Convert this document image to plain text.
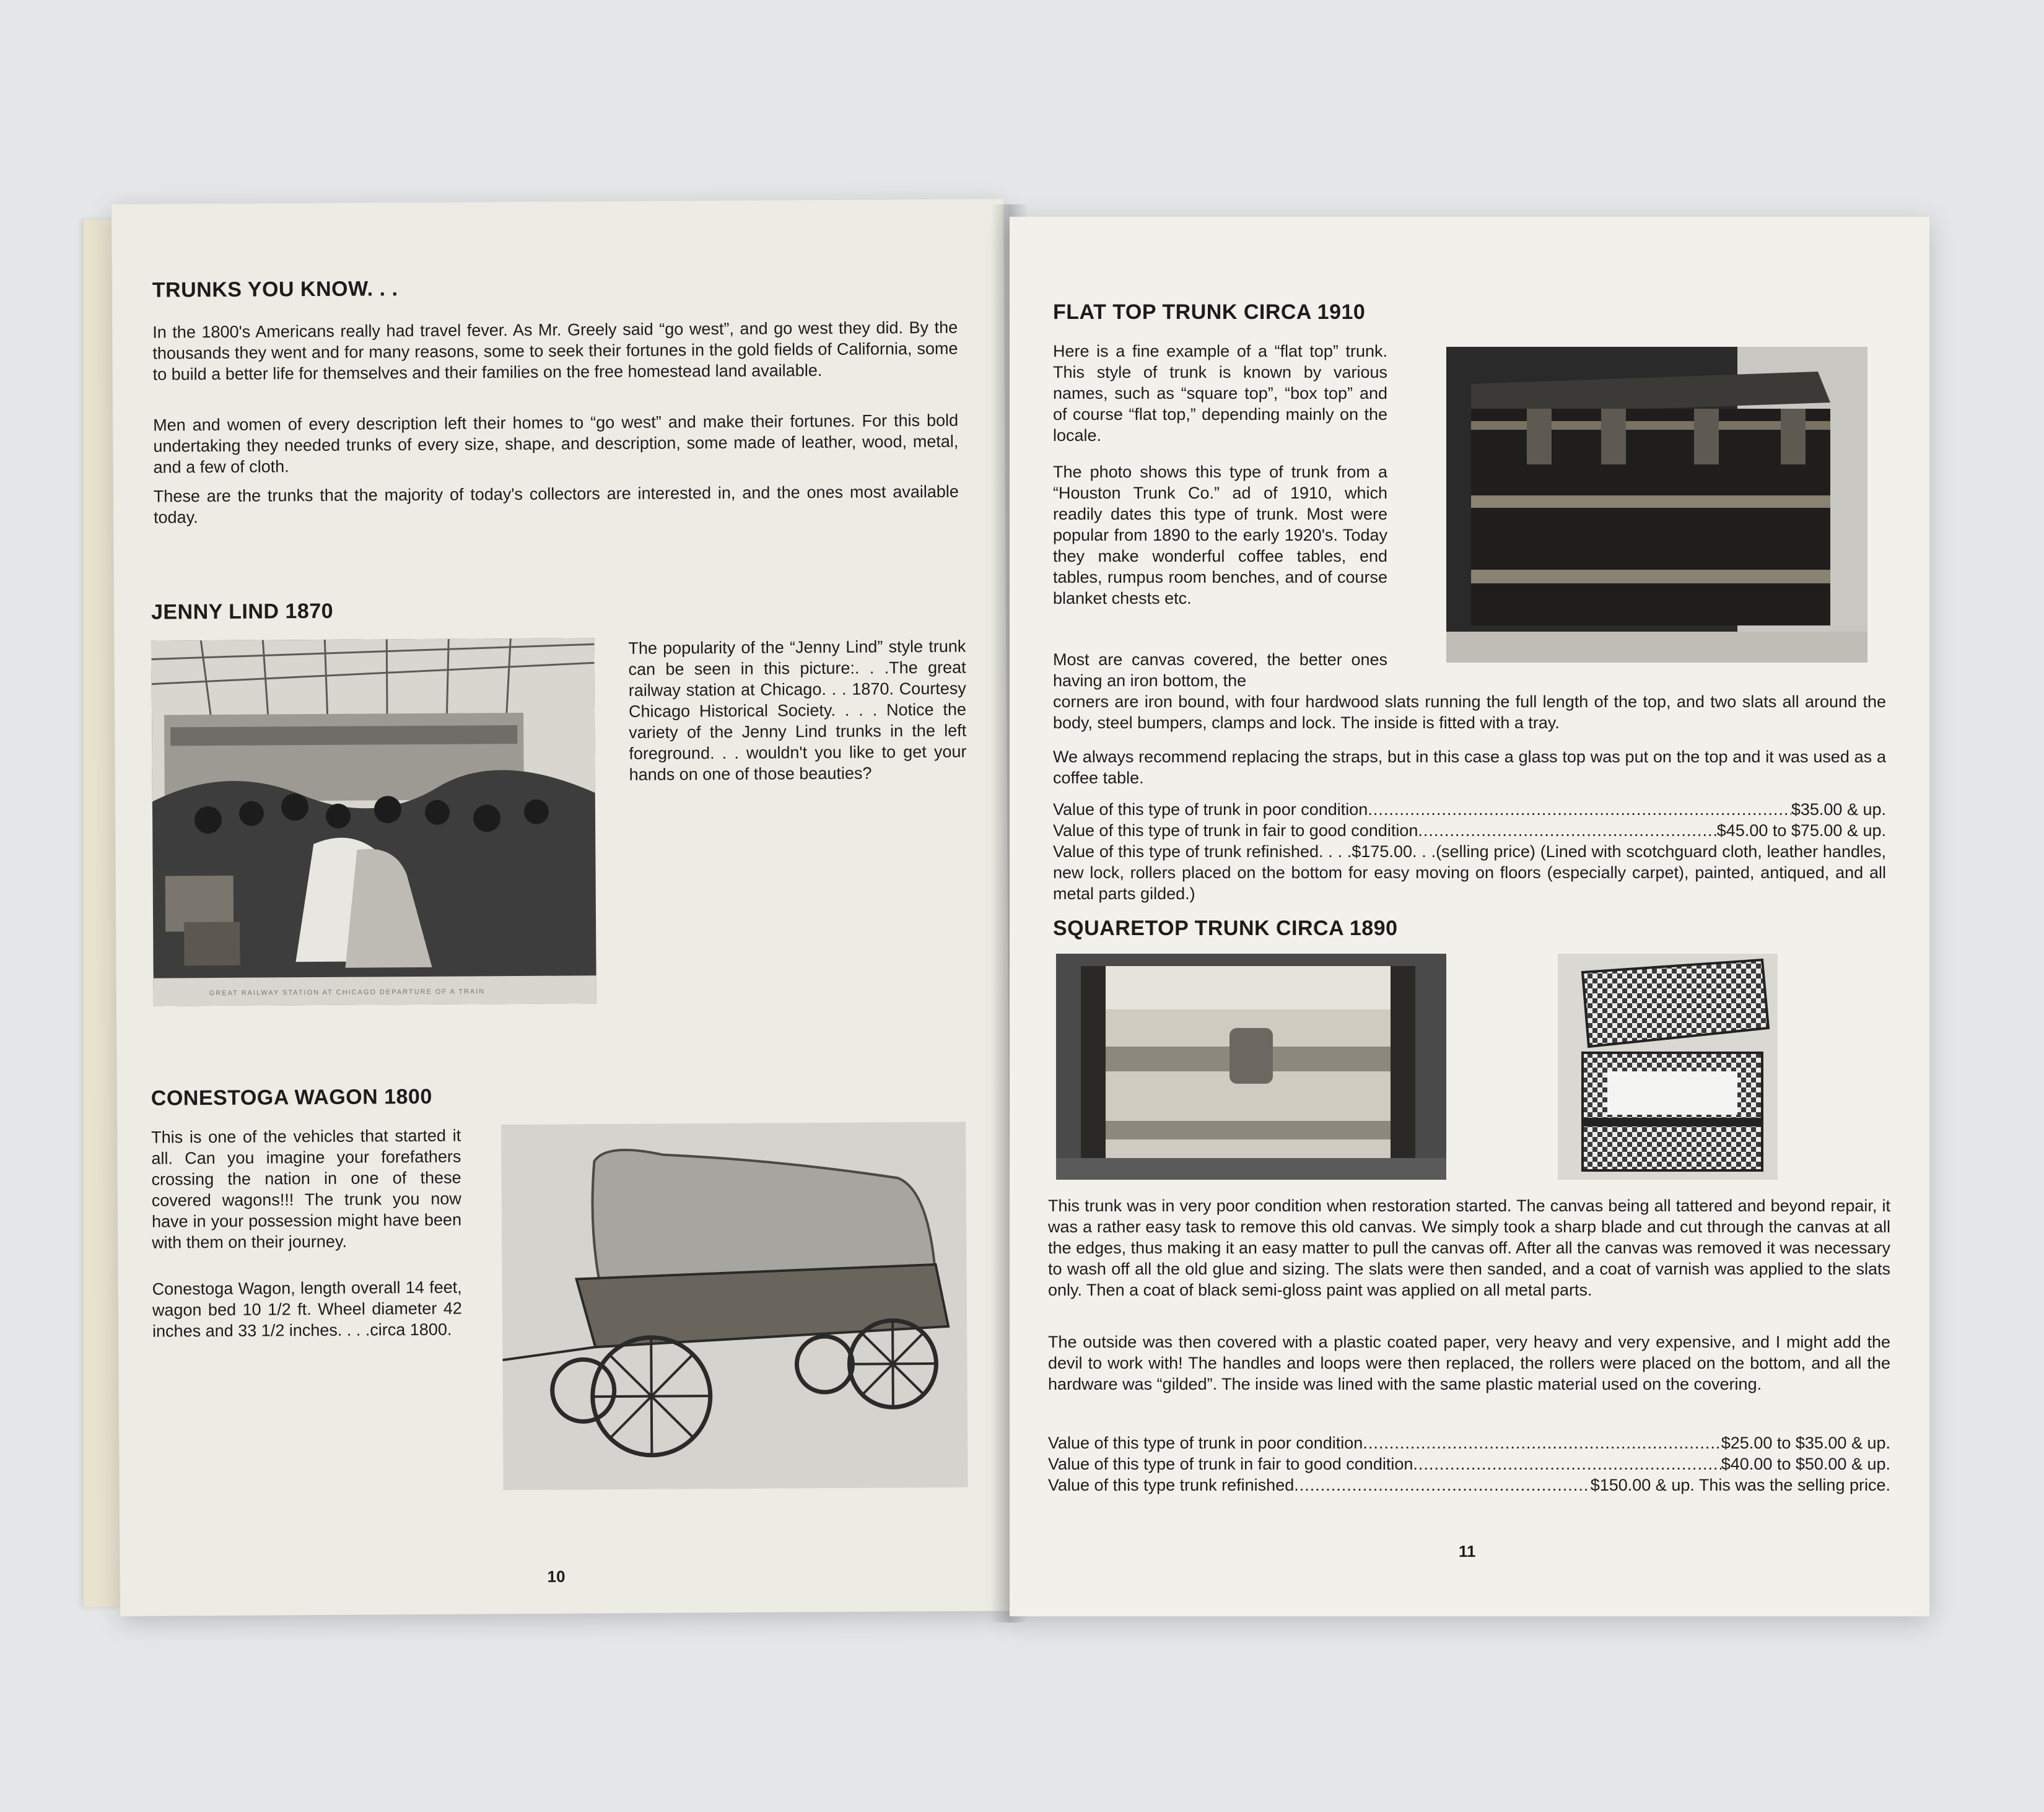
TRUNKS YOU KNOW. . .

In the 1800's Americans really had travel fever. As Mr. Greely said “go west”, and go west they did. By the thousands they went and for many reasons, some to seek their fortunes in the gold fields of California, some to build a better life for themselves and their families on the free homestead land available.

Men and women of every description left their homes to “go west” and make their fortunes. For this bold undertaking they needed trunks of every size, shape, and description, some made of leather, wood, metal, and a few of cloth.

These are the trunks that the majority of today's collectors are interested in, and the ones most available today.

JENNY LIND 1870
GREAT RAILWAY STATION AT CHICAGO DEPARTURE OF A TRAIN

The popularity of the “Jenny Lind” style trunk can be seen in this picture:. . .The great railway station at Chicago. . . 1870. Courtesy Chicago Historical Society. . . . Notice the variety of the Jenny Lind trunks in the left foreground. . . wouldn't you like to get your hands on one of those beauties?

CONESTOGA WAGON 1800

This is one of the vehicles that started it all. Can you imagine your forefathers crossing the nation in one of these covered wagons!!! The trunk you now have in your possession might have been with them on their journey.

Conestoga Wagon, length overall 14 feet, wagon bed 10 1/2 ft. Wheel diameter 42 inches and 33 1/2 inches. . . .circa 1800.

10
FLAT TOP TRUNK CIRCA 1910

Here is a fine example of a “flat top” trunk. This style of trunk is known by various names, such as “square top”, “box top” and of course “flat top,” depending mainly on the locale.

The photo shows this type of trunk from a “Houston Trunk Co.” ad of 1910, which readily dates this type of trunk. Most were popular from 1890 to the early 1920's. Today they make wonderful coffee tables, end tables, rumpus room benches, and of course blanket chests etc.

Most are canvas covered, the better ones having an iron bottom, the

corners are iron bound, with four hardwood slats running the full length of the top, and two slats all around the body, steel bumpers, clamps and lock. The inside is fitted with a tray.

We always recommend replacing the straps, but in this case a glass top was put on the top and it was used as a coffee table.

Value of this type of trunk in poor condition .....	$35.00 & up.
Value of this type of trunk in fair to good condition .....	$45.00 to $75.00 & up.

Value of this type of trunk refinished. . . .$175.00. . .(selling price) (Lined with scotchguard cloth, leather handles, new lock, rollers placed on the bottom for easy moving on floors (especially carpet), painted, antiqued, and all metal parts gilded.)

SQUARETOP TRUNK CIRCA 1890

This trunk was in very poor condition when restoration started. The canvas being all tattered and beyond repair, it was a rather easy task to remove this old canvas. We simply took a sharp blade and cut through the canvas at all the edges, thus making it an easy matter to pull the canvas off. After all the canvas was removed it was necessary to wash off all the old glue and sizing. The slats were then sanded, and a coat of varnish was applied to the slats only. Then a coat of black semi-gloss paint was applied on all metal parts.

The outside was then covered with a plastic coated paper, very heavy and very expensive, and I might add the devil to work with! The handles and loops were then replaced, the rollers were placed on the bottom, and all the hardware was “gilded”. The inside was lined with the same plastic material used on the covering.

Value of this type of trunk in poor condition .....	$25.00 to $35.00 & up.
Value of this type of trunk in fair to good condition .....	$40.00 to $50.00 & up.
Value of this type trunk refinished .....	$150.00 & up. This was the selling price.
11
